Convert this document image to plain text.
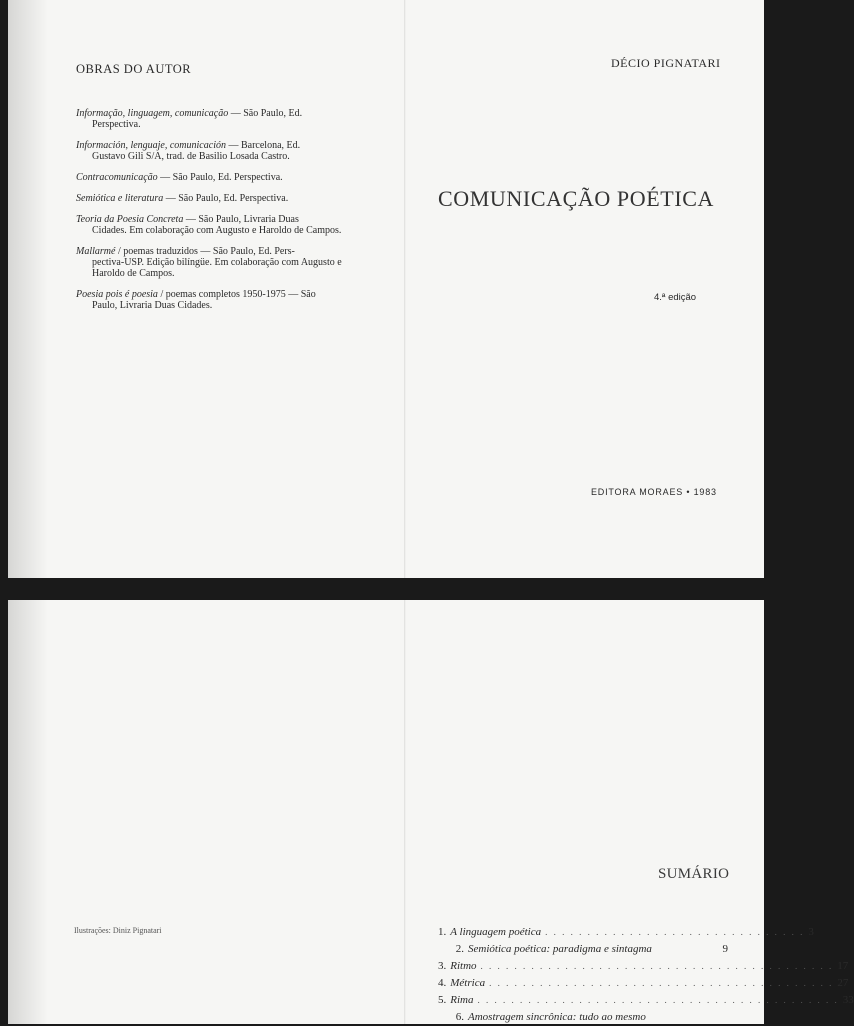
OBRAS DO AUTOR
Informação, linguagem, comunicação — São Paulo, Ed.
Perspectiva.
Información, lenguaje, comunicación — Barcelona, Ed.
Gustavo Gili S/A, trad. de Basilio Losada Castro.
Contracomunicação — São Paulo, Ed. Perspectiva.
Semiótica e literatura — São Paulo, Ed. Perspectiva.
Teoria da Poesia Concreta — São Paulo, Livraria Duas
Cidades. Em colaboração com Augusto e Haroldo de Campos.
Mallarmé / poemas traduzidos — São Paulo, Ed. Pers-
pectiva-USP. Edição bilíngüe. Em colaboração com Augusto e Haroldo de Campos.
Poesia pois é poesia / poemas completos 1950-1975 — São
Paulo, Livraria Duas Cidades.
DÉCIO PIGNATARI
COMUNICAÇÃO POÉTICA
4.ª edição
EDITORA MORAES • 1983
Ilustrações: Diniz Pignatari
SUMÁRIO
1. A linguagem poética . . . . . . . . . . . . . . . . . . . . . . . . . . . . . . . 3
2. Semiótica poética: paradigma e sintagma	9
3. Ritmo . . . . . . . . . . . . . . . . . . . . . . . . . . . . . . . . . . . . . . . . . . 17
4. Métrica . . . . . . . . . . . . . . . . . . . . . . . . . . . . . . . . . . . . . . . . . 27
5. Rima . . . . . . . . . . . . . . . . . . . . . . . . . . . . . . . . . . . . . . . . . . . 33
6. Amostragem sincrônica: tudo ao mesmo
